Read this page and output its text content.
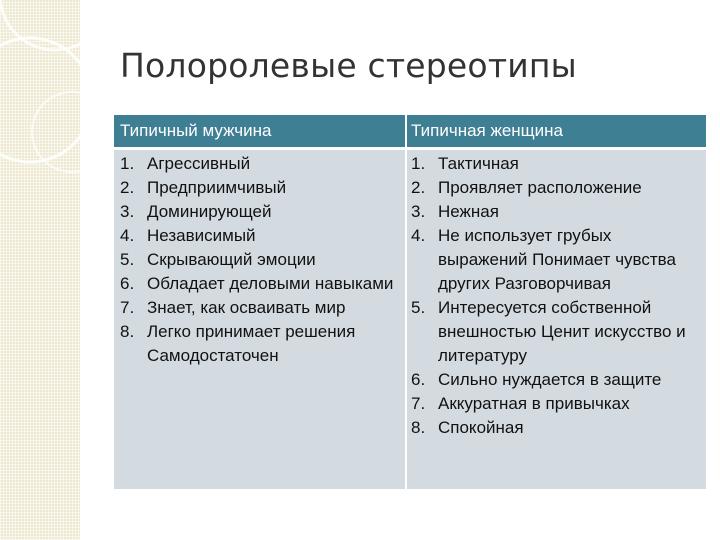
Полоролевые стереотипы
Типичный мужчина	Типичная женщина
1. Агрессивный
2. Предприимчивый
3. Доминирующей
4. Независимый
5. Скрывающий эмоции
6. Обладает деловыми навыками
7. Знает, как осваивать мир
8. Легко принимает решения Самодостаточен
1. Тактичная
2. Проявляет расположение
3. Нежная
4. Не использует грубых выражений Понимает чувства других Разговорчивая
5. Интересуется собственной внешностью Ценит искусство и литературу
6. Сильно нуждается в защите
7. Аккуратная в привычках
8. Спокойная
